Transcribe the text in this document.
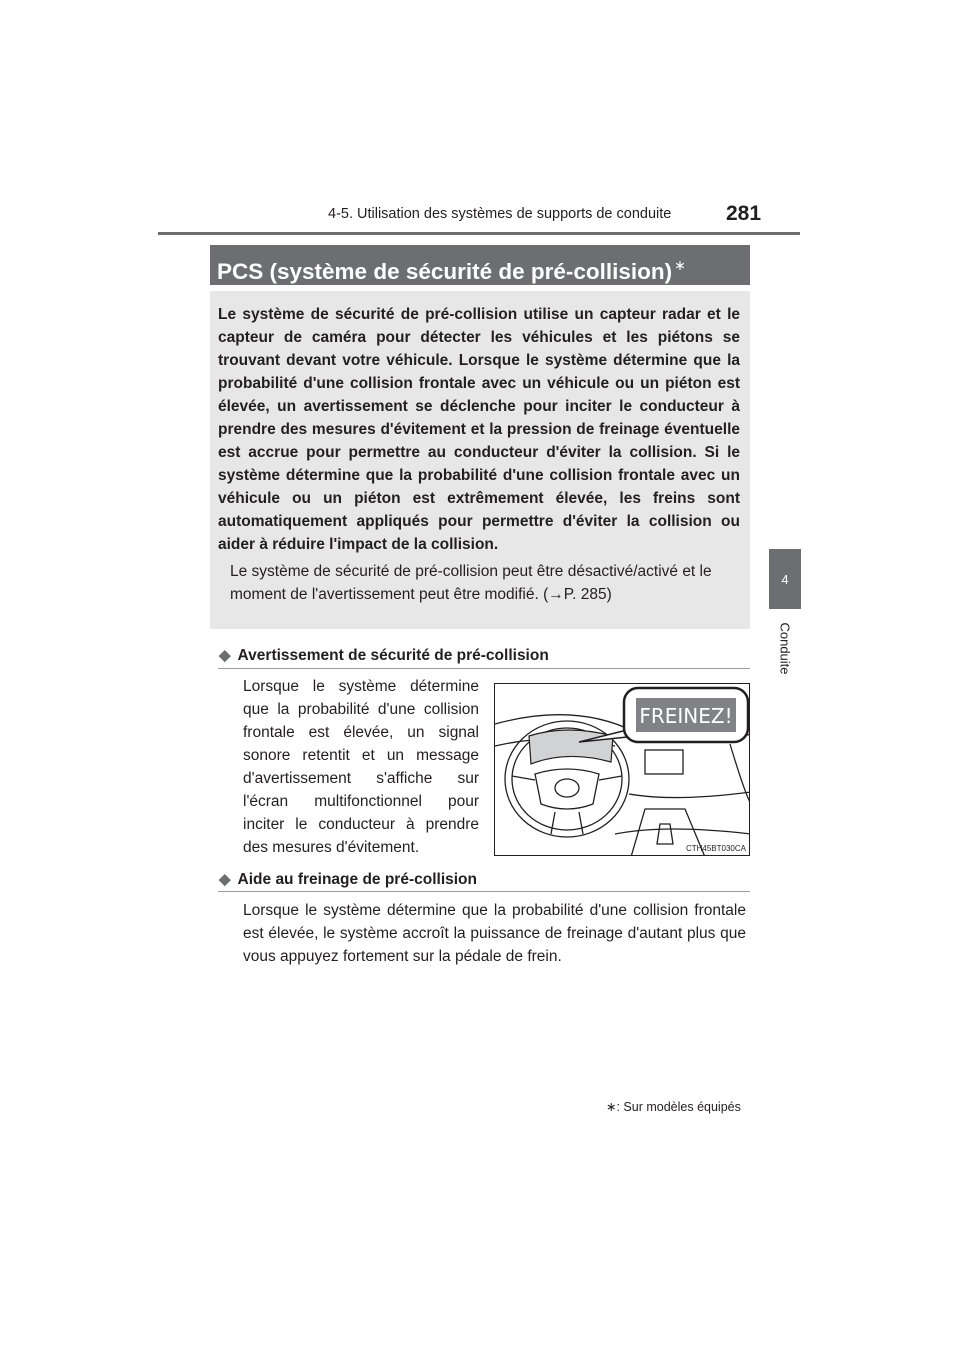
4-5. Utilisation des systèmes de supports de conduite	281
4
Conduite
PCS (système de sécurité de pré-collision) ∗

Le système de sécurité de pré-collision utilise un capteur radar et le capteur de caméra pour détecter les véhicules et les piétons se trouvant devant votre véhicule. Lorsque le système détermine que la probabilité d'une collision frontale avec un véhicule ou un piéton est élevée, un avertissement se déclenche pour inciter le conducteur à prendre des mesures d'évitement et la pression de freinage éventuelle est accrue pour permettre au conducteur d'éviter la collision. Si le système détermine que la probabilité d'une collision frontale avec un véhicule ou un piéton est extrêmement élevée, les freins sont automatiquement appliqués pour permettre d'éviter la collision ou aider à réduire l'impact de la collision.

Le système de sécurité de pré-collision peut être désactivé/activé et le moment de l'avertissement peut être modifié. (→P. 285)

◆ Avertissement de sécurité de pré-collision

Lorsque le système détermine que la probabilité d'une collision frontale est élevée, un signal sonore retentit et un message d'avertissement s'affiche sur l'écran multifonctionnel pour inciter le conducteur à prendre des mesures d'évitement.

FREINEZ!
CTH45BT030CA
◆ Aide au freinage de pré-collision

Lorsque le système détermine que la probabilité d'une collision frontale est élevée, le système accroît la puissance de freinage d'autant plus que vous appuyez fortement sur la pédale de frein.

∗: Sur modèles équipés
